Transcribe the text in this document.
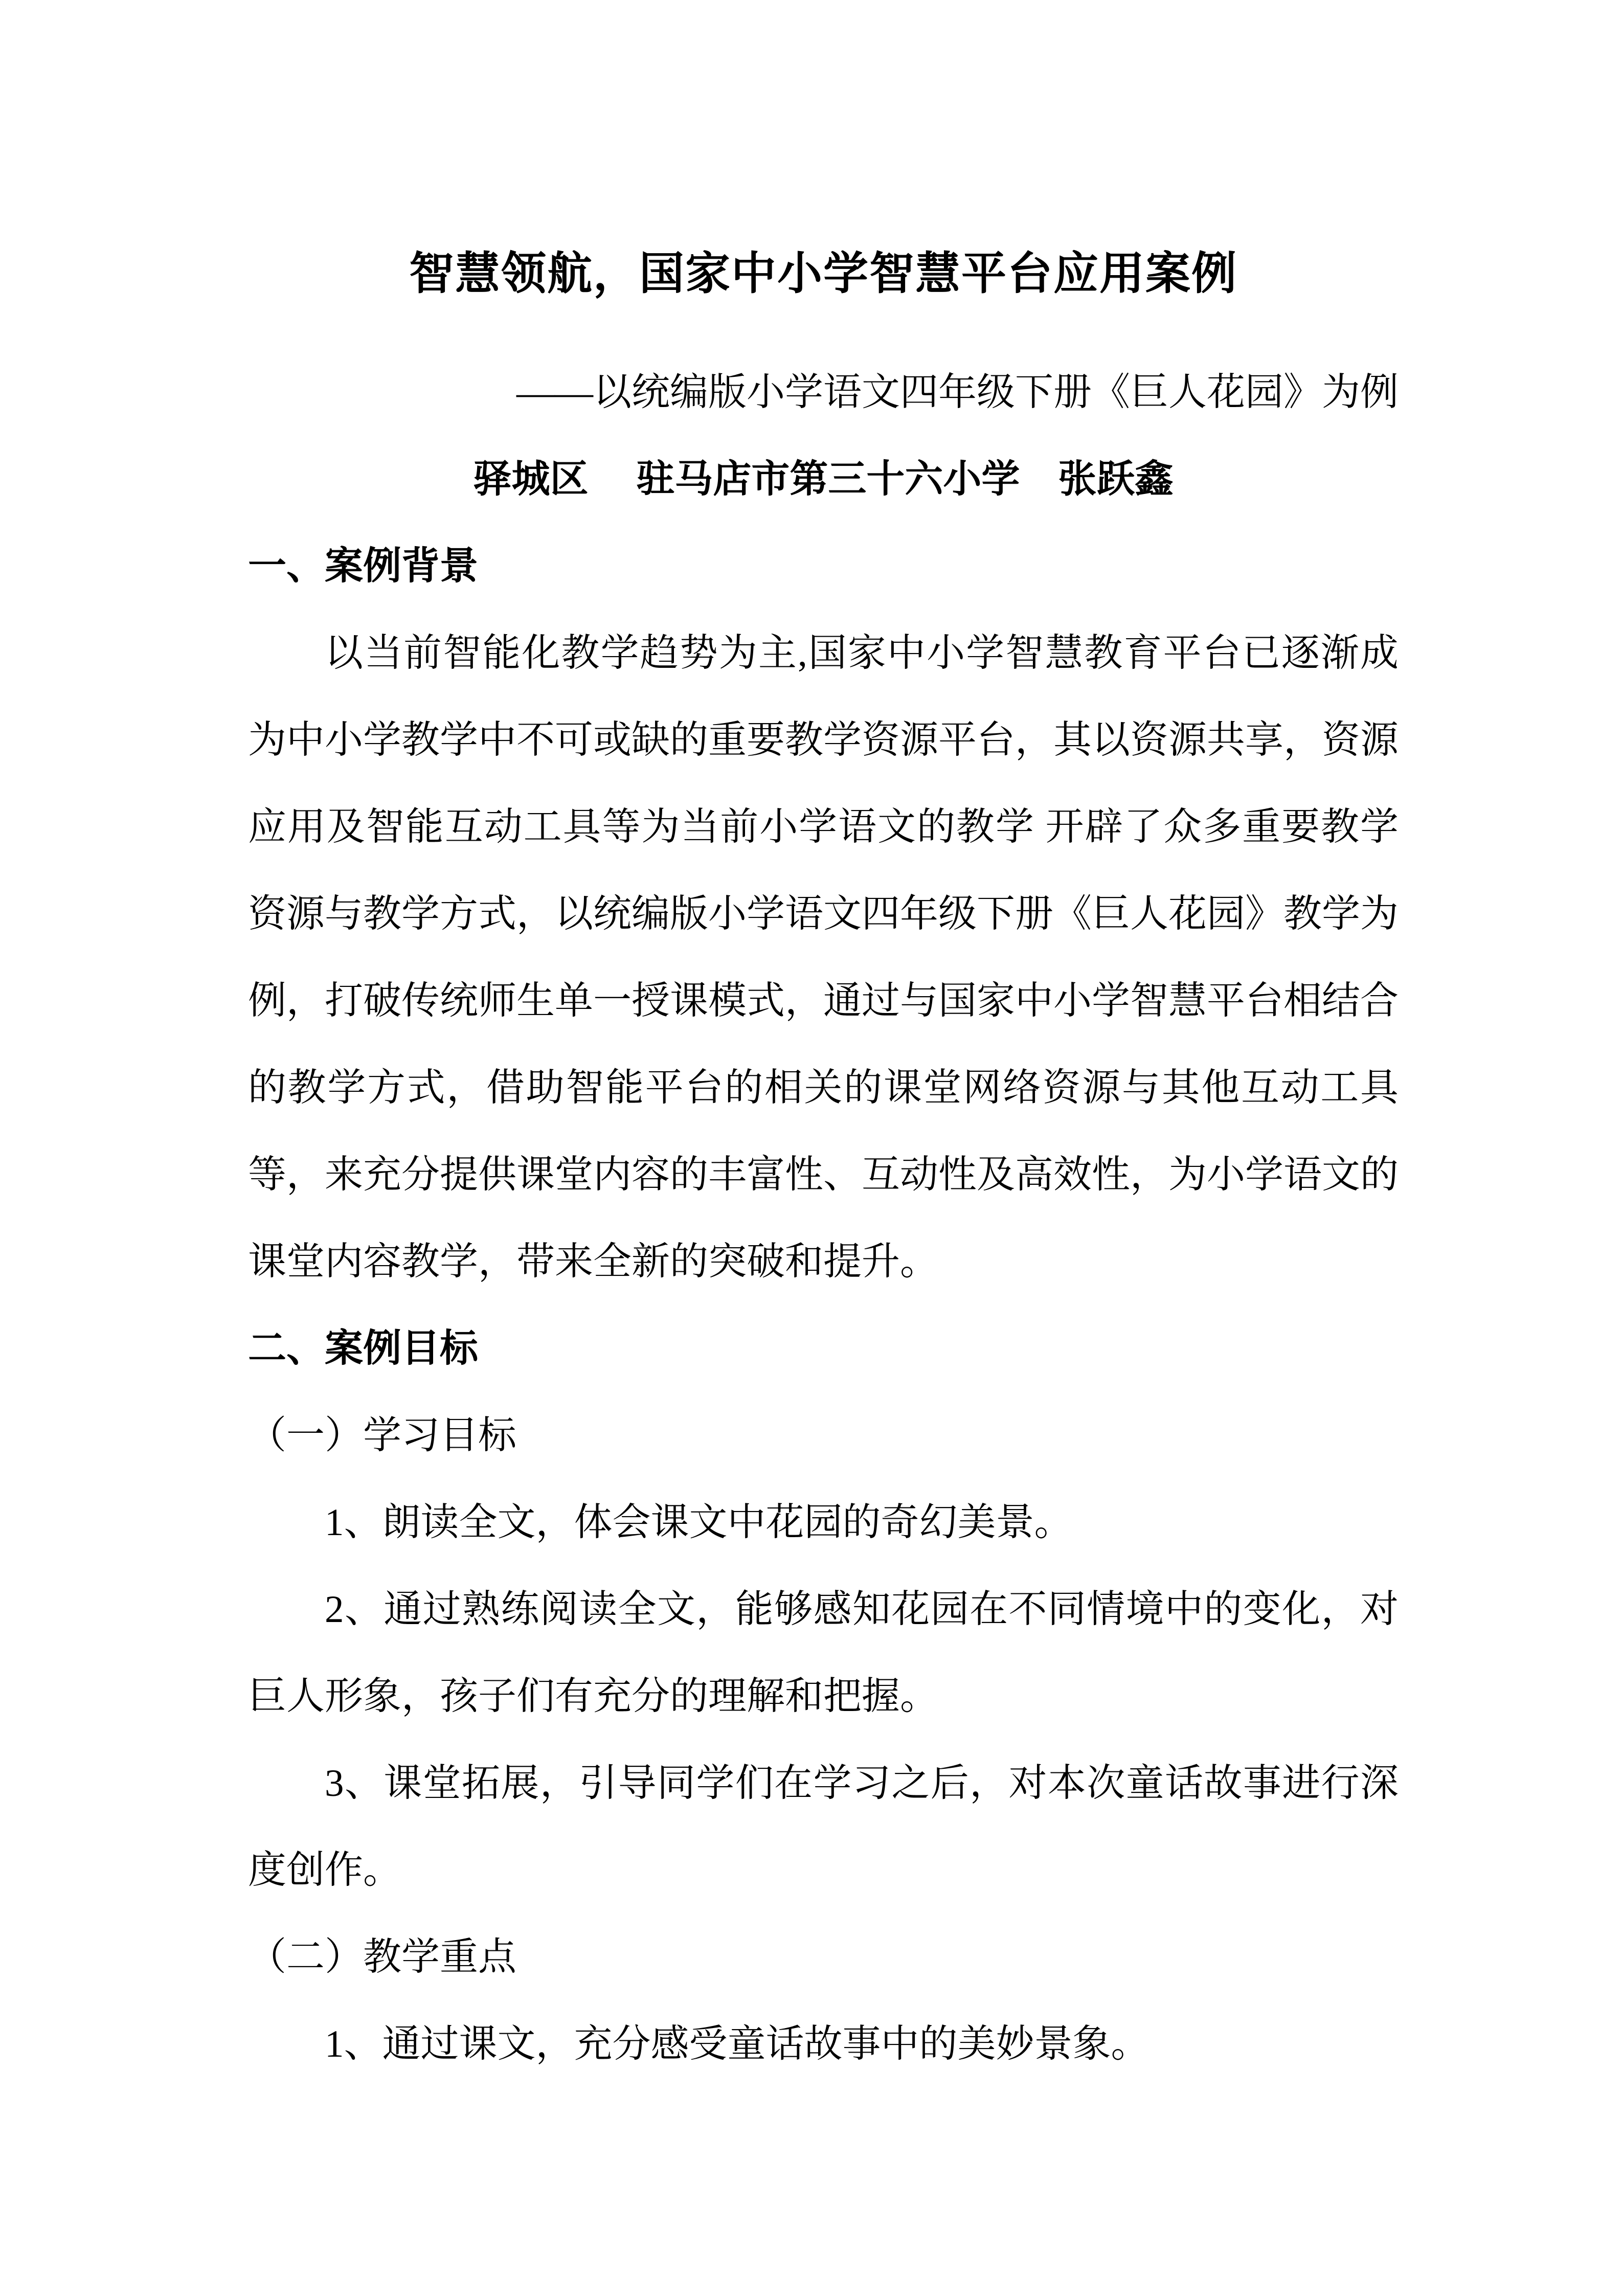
智慧领航，国家中小学智慧平台应用案例

——以统编版小学语文四年级下册《巨人花园》为例

驿城区　 驻马店市第三十六小学　张跃鑫

一、案例背景

以当前智能化教学趋势为主,国家中小学智慧教育平台已逐渐成为中小学教学中不可或缺的重要教学资源平台，其以资源共享，资源应用及智能互动工具等为当前小学语文的教学 开辟了众多重要教学资源与教学方式，以统编版小学语文四年级下册《巨人花园》教学为例，打破传统师生单一授课模式，通过与国家中小学智慧平台相结合的教学方式，借助智能平台的相关的课堂网络资源与其他互动工具等，来充分提供课堂内容的丰富性、互动性及高效性，为小学语文的课堂内容教学，带来全新的突破和提升。

二、案例目标

（一）学习目标

1、朗读全文，体会课文中花园的奇幻美景。

2、通过熟练阅读全文，能够感知花园在不同情境中的变化，对巨人形象，孩子们有充分的理解和把握。

3、课堂拓展，引导同学们在学习之后，对本次童话故事进行深度创作。

（二）教学重点

1、通过课文，充分感受童话故事中的美妙景象。
